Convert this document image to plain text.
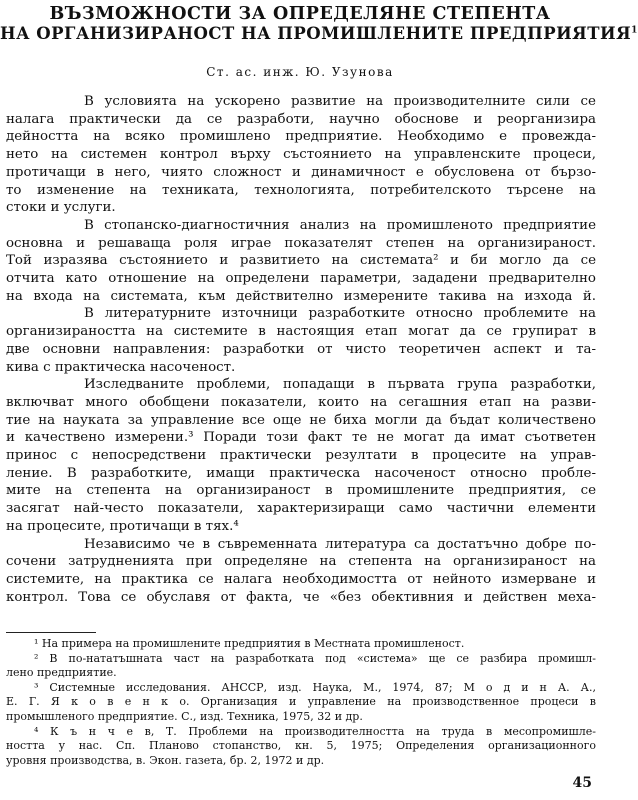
ВЪЗМОЖНОСТИ ЗА ОПРЕДЕЛЯНЕ СТЕПЕНТА
НА ОРГАНИЗИРАНОСТ НА ПРОМИШЛЕНИТЕ ПРЕДПРИЯТИЯ$^1$
Ст. ас. инж. Ю. Узунова
В условията на ускорено развитие на производителните сили се
налага практически да се разработи, научно обосновe и реорганизира
дейността на всяко промишлено предприятие. Необходимо е провежда-
нето на системен контрол върху състоянието на управленските процеси,
протичащи в него, чиято сложност и динамичност е обусловена от бързо-
то изменение на техниката, технологията, потребителското търсене на
стоки и услуги.
В стопанско-диагностичния анализ на промишленото предприятие
основна и решаваща роля играе показателят степен на организираност.
Той изразява състоянието и развитието на системата² и би могло да се
отчита като отношение на определени параметри, зададени предварително
на входа на системата, към действително измерените такива на изхода й.
В литературните източници разработките относно проблемите на
организираността на системите в настоящия етап могат да се групират в
две основни направления: разработки от чисто теоретичен аспект и та-
кива с практическа насоченост.
Изследваните проблеми, попадащи в първата група разработки,
включват много обобщени показатели, които на сегашния етап на разви-
тие на науката за управление все още не биха могли да бъдат количествено
и качествено измерени.³ Поради този факт те не могат да имат съответен
принос с непосредствени практически резултати в процесите на управ-
ление. В разработките, имащи практическа насоченост относно пробле-
мите на степента на организираност в промишлените предприятия, се
засягат най-често показатели, характеризиращи само частични елементи
на процесите, протичащи в тях.⁴
Независимо че в съвременната литература са достатъчно добре по-
сочени затрудненията при определяне на степента на организираност на
системите, на практика се налага необходимостта от нейното измерване и
контрол. Това се обуславя от факта, че «без обективния и действен меха-
¹ На примера на промишлените предприятия в Местната промишленост.
² В по-нататъшната част на разработката под «система» ще се разбира промишл-
лено предприятие.
³ Системные исследования. АНССР, изд. Наука, М., 1974, 87; М о д и н А. А.,
Е. Г. Я к о в е н к о. Организация и управление на производственное процеси в
промышленого предприятие. С., изд. Техника, 1975, 32 и др.
⁴ К ъ н ч е в, Т. Проблеми на производителността на труда в месопромишле-
ността у нас. Сп. Планово стопанство, кн. 5, 1975; Определения организационного
уровня производства, в. Экон. газета, бр. 2, 1972 и др.
45
